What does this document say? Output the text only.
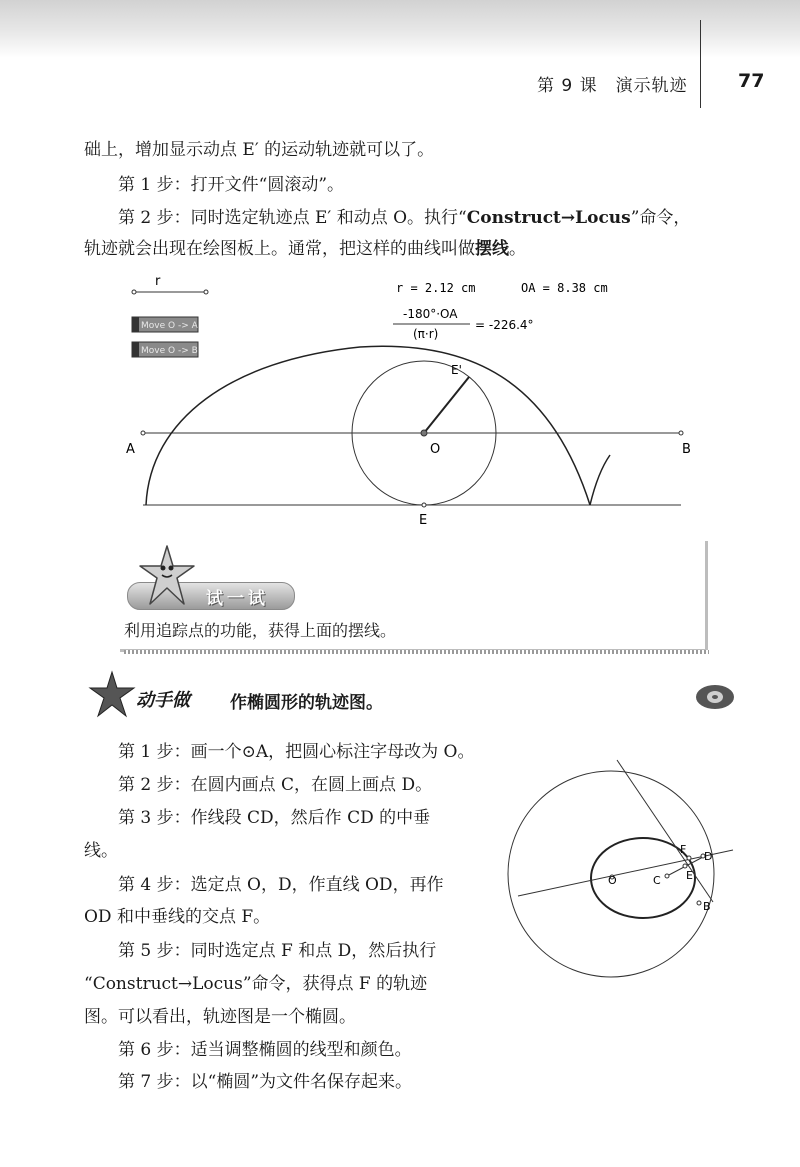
第 9 课　演示轨迹	77
础上，增加显示动点 E′ 的运动轨迹就可以了。
第 1 步：打开文件“圆滚动”。
第 2 步：同时选定轨迹点 E′ 和动点 O。执行“Construct→Locus”命令，
轨迹就会出现在绘图板上。通常，把这样的曲线叫做摆线。
r	r = 2.12 cm	OA = 8.38 cm
-180°·OA
(π·r)
= -226.4°
Move O -> A
Move O -> B
A	B
O
E
E'
试一试
利用追踪点的功能，获得上面的摆线。
动手做 作椭圆形的轨迹图。
第 1 步：画一个⊙A，把圆心标注字母改为 O。
第 2 步：在圆内画点 C，在圆上画点 D。
第 3 步：作线段 CD，然后作 CD 的中垂
线。
第 4 步：选定点 O，D，作直线 OD，再作
OD 和中垂线的交点 F。
第 5 步：同时选定点 F 和点 D，然后执行
“Construct→Locus”命令，获得点 F 的轨迹
图。可以看出，轨迹图是一个椭圆。
第 6 步：适当调整椭圆的线型和颜色。
第 7 步：以“椭圆”为文件名保存起来。
O	C
F
D
E
B
